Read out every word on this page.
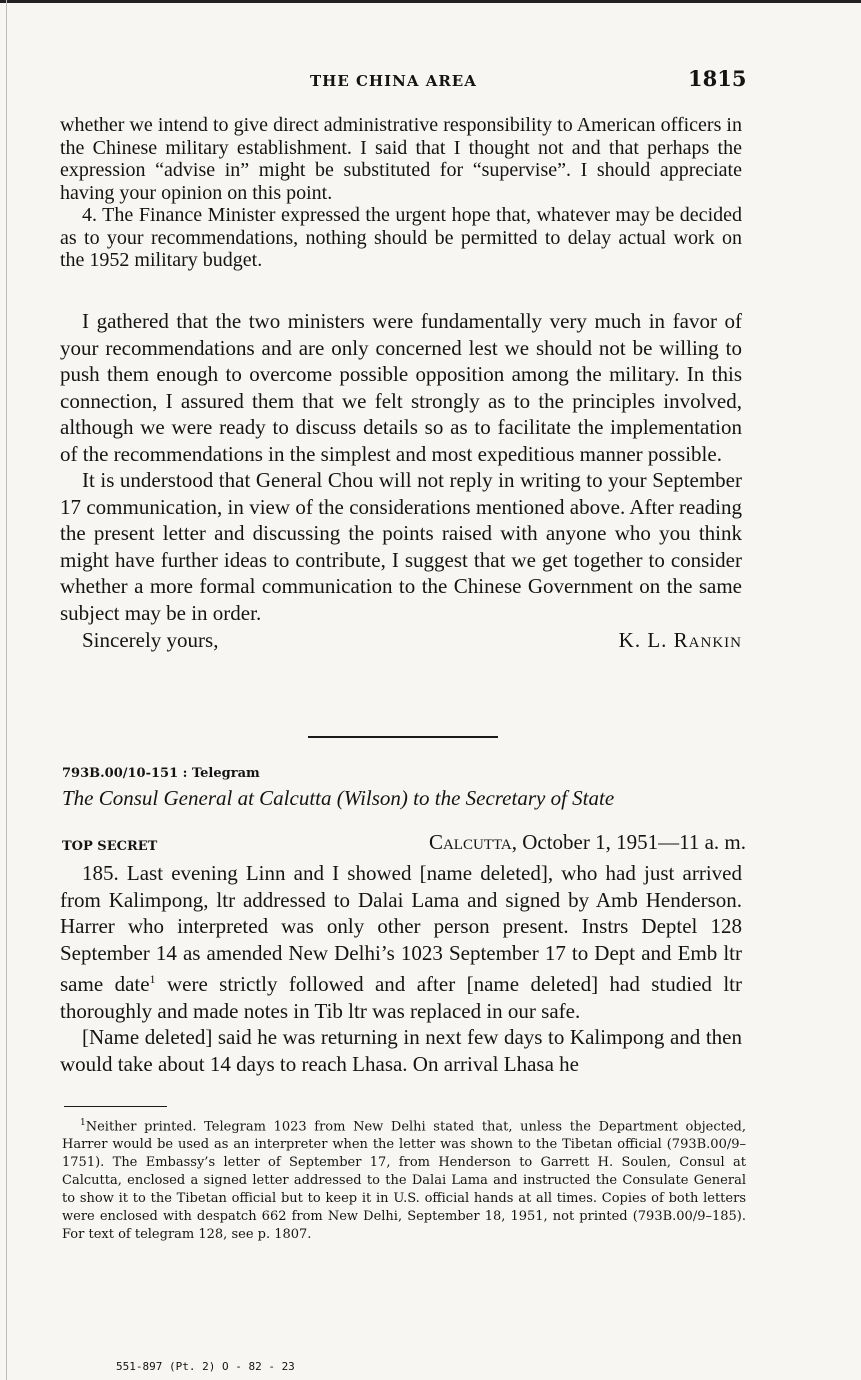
THE CHINA AREA	1815

whether we intend to give direct administrative responsibility to American officers in the Chinese military establishment. I said that I thought not and that perhaps the expression “advise in” might be substituted for “supervise”. I should appreciate having your opinion on this point.

4. The Finance Minister expressed the urgent hope that, whatever may be decided as to your recommendations, nothing should be permitted to delay actual work on the 1952 military budget.

I gathered that the two ministers were fundamentally very much in favor of your recommendations and are only concerned lest we should not be willing to push them enough to overcome possible opposition among the military. In this connection, I assured them that we felt strongly as to the principles involved, although we were ready to discuss details so as to facilitate the implementation of the recommendations in the simplest and most expeditious manner possible.

It is understood that General Chou will not reply in writing to your September 17 communication, in view of the considerations mentioned above. After reading the present letter and discussing the points raised with anyone who you think might have further ideas to contribute, I suggest that we get together to consider whether a more formal communication to the Chinese Government on the same subject may be in order.

Sincerely yours,	K. L. Rankin
793B.00/10-151 : Telegram
The Consul General at Calcutta (Wilson) to the Secretary of State
TOP SECRET	Calcutta, October 1, 1951—11 a. m.

185. Last evening Linn and I showed [name deleted], who had just arrived from Kalimpong, ltr addressed to Dalai Lama and signed by Amb Henderson. Harrer who interpreted was only other person present. Instrs Deptel 128 September 14 as amended New Delhi’s 1023 September 17 to Dept and Emb ltr same date$^1$ were strictly followed and after [name deleted] had studied ltr thoroughly and made notes in Tib ltr was replaced in our safe.

[Name deleted] said he was returning in next few days to Kalimpong and then would take about 14 days to reach Lhasa. On arrival Lhasa he

$^1$Neither printed. Telegram 1023 from New Delhi stated that, unless the Department objected, Harrer would be used as an interpreter when the letter was shown to the Tibetan official (793B.00/9–1751). The Embassy’s letter of September 17, from Henderson to Garrett H. Soulen, Consul at Calcutta, enclosed a signed letter addressed to the Dalai Lama and instructed the Consulate General to show it to the Tibetan official but to keep it in U.S. official hands at all times. Copies of both letters were enclosed with despatch 662 from New Delhi, September 18, 1951, not printed (793B.00/9–185). For text of telegram 128, see p. 1807.
551-897 (Pt. 2) O - 82 - 23
